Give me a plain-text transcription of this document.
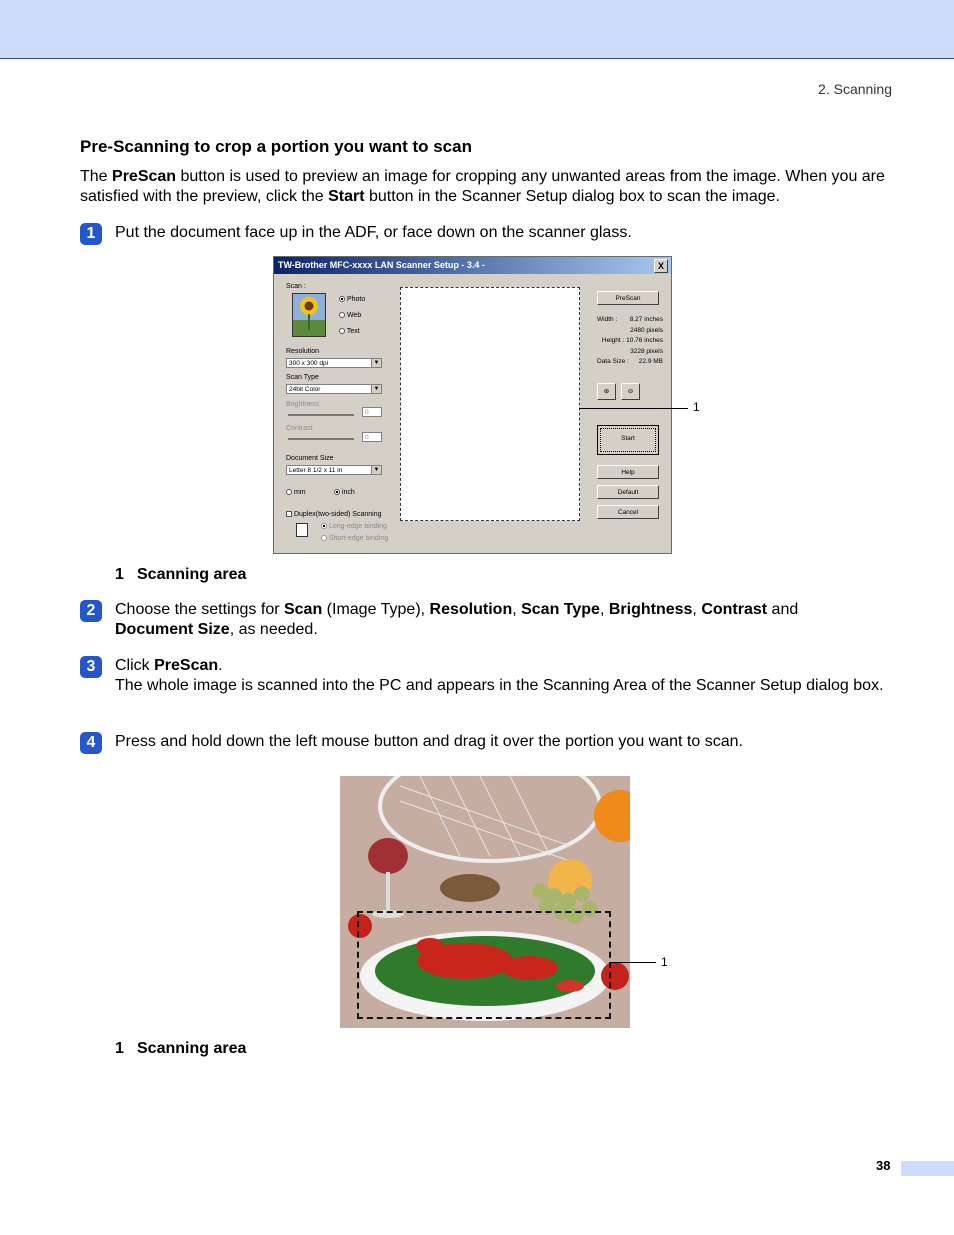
2. Scanning
Pre-Scanning to crop a portion you want to scan

The PreScan button is used to preview an image for cropping any unwanted areas from the image. When you are satisfied with the preview, click the Start button in the Scanner Setup dialog box to scan the image.

1	Put the document face up in the ADF, or face down on the scanner glass.
TW-Brother MFC-xxxx LAN Scanner Setup - 3.4 -	X
Scan :
Photo
Web
Text
Resolution
300 x 300 dpi	▼
Scan Type
24bit Color	▼
Brightness
0
Contrast
0
Document Size
Letter 8 1/2 x 11 in	▼
mm	inch
Duplex(two-sided) Scanning
Long-edge binding
Short-edge binding
PreScan
Width : 8.27 inches
2480 pixels
Height : 10.76 inches
3228 pixels
Data Size : 22.9 MB
⊕	⊖
Start
Help
Default
Cancel
1
1 Scanning area
2	Choose the settings for Scan (Image Type), Resolution, Scan Type, Brightness, Contrast and
Document Size, as needed.
3	Click PreScan.
The whole image is scanned into the PC and appears in the Scanning Area of the Scanner Setup dialog box.
4	Press and hold down the left mouse button and drag it over the portion you want to scan.
1
1 Scanning area
38
